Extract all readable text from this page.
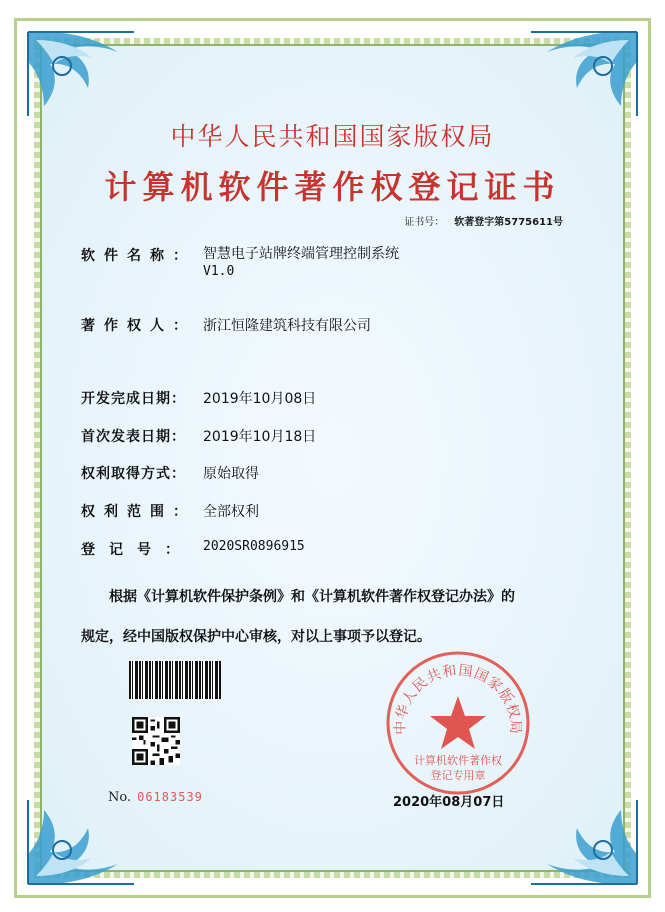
中华人民共和国国家版权局
计算机软件著作权登记证书
证书号： 软著登字第5775611号
软件名称： 智慧电子站牌终端管理控制系统
V1.0
著作权人： 浙江恒隆建筑科技有限公司
开发完成日期： 2019年10月08日
首次发表日期： 2019年10月18日
权利取得方式： 原始取得
权利范围： 全部权利
登记号： 2020SR0896915
根据《计算机软件保护条例》和《计算机软件著作权登记办法》的
规定，经中国版权保护中心审核，对以上事项予以登记。
No. 06183539
中华人民共和国国家版权局
计算机软件著作权
登记专用章
2020年08月07日
